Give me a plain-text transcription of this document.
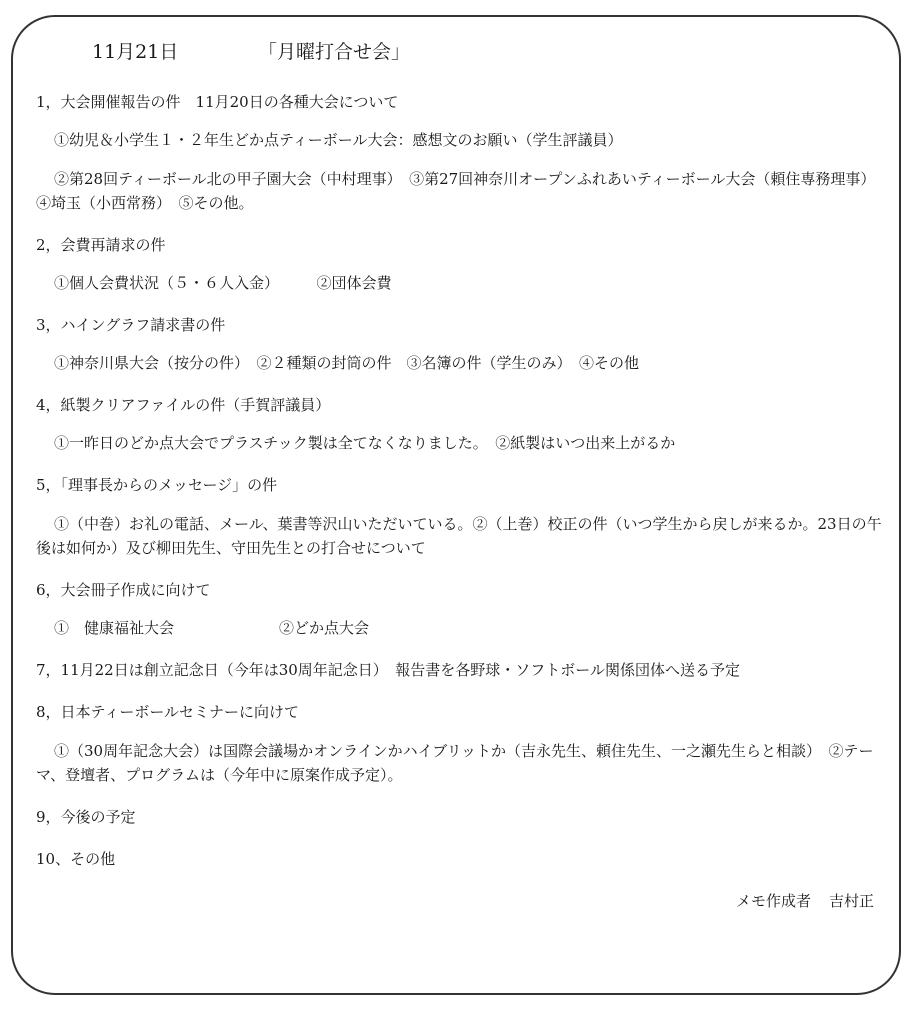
11月21日	「月曜打合せ会」
1，大会開催報告の件　11月20日の各種大会について
①幼児＆小学生１・２年生どか点ティーボール大会：感想文のお願い（学生評議員）
②第28回ティーボール北の甲子園大会（中村理事）　③第27回神奈川オープンふれあいティーボール大会（頼住専務理事）　④埼玉（小西常務）　⑤その他。
2，会費再請求の件
①個人会費状況（５・６人入金）　　　②団体会費
3，ハイングラフ請求書の件
①神奈川県大会（按分の件）　②２種類の封筒の件　③名簿の件（学生のみ）　④その他
4，紙製クリアファイルの件（手賀評議員）
①一昨日のどか点大会でプラスチック製は全てなくなりました。　②紙製はいつ出来上がるか
5，「理事長からのメッセージ」の件
①（中巻）お礼の電話、メール、葉書等沢山いただいている。②（上巻）校正の件（いつ学生から戻しが来るか。23日の午後は如何か）及び柳田先生、守田先生との打合せについて
6，大会冊子作成に向けて
①　健康福祉大会　　　　　　　②どか点大会
7，11月22日は創立記念日（今年は30周年記念日）　報告書を各野球・ソフトボール関係団体へ送る予定
8，日本ティーボールセミナーに向けて
①（30周年記念大会）は国際会議場かオンラインかハイブリットか（吉永先生、頼住先生、一之瀬先生らと相談）　②テーマ、登壇者、プログラムは（今年中に原案作成予定）。
9，今後の予定
10、その他
メモ作成者 吉村正
